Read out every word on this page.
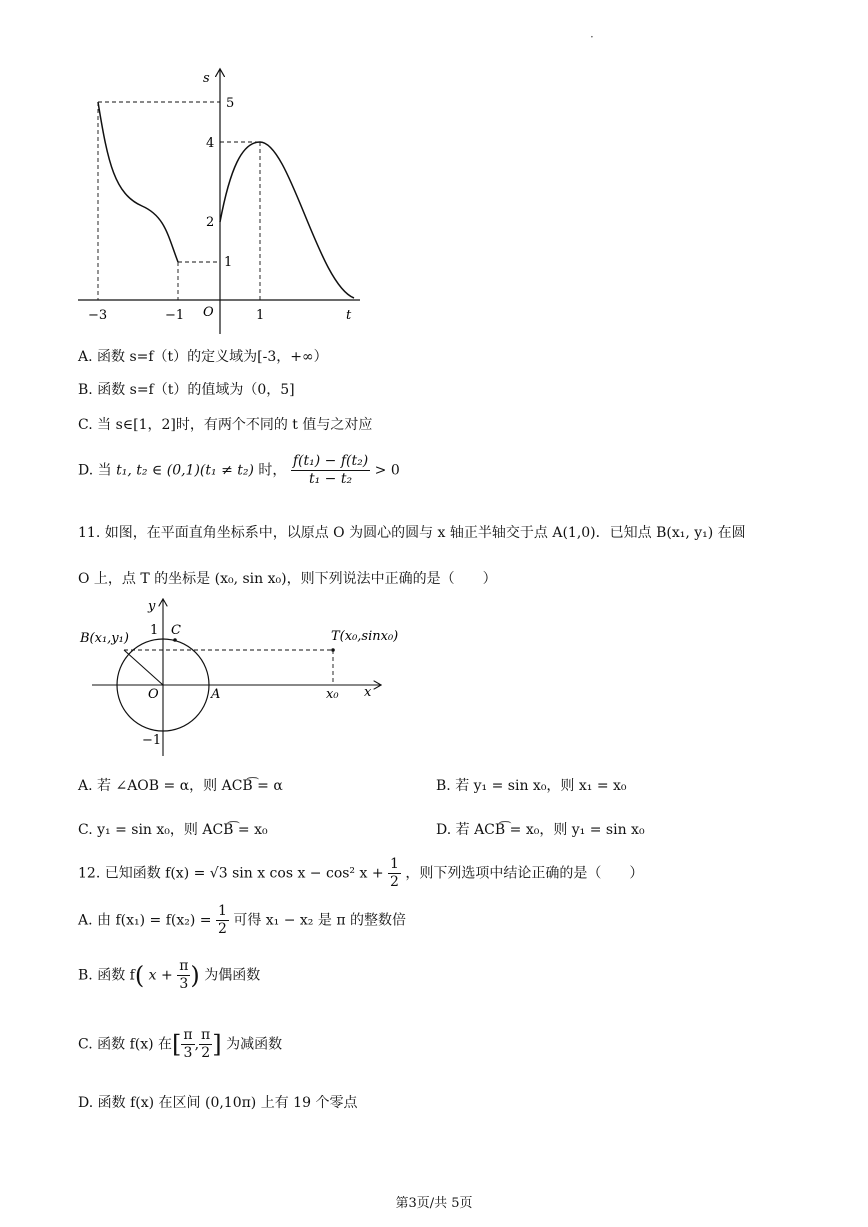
s
t
O
5
4
2
1
−3	−1	1
·
A. 函数 s=f（t）的定义域为[-3，+∞）
B. 函数 s=f（t）的值域为（0，5]
C. 当 s∈[1，2]时，有两个不同的 t 值与之对应
D. 当 t₁, t₂ ∈ (0,1)(t₁ ≠ t₂) 时， $\frac{\text{f(t₁) − f(t₂)}}{\text{t₁ − t₂}} > 0$
11. 如图，在平面直角坐标系中，以原点 O 为圆心的圆与 x 轴正半轴交于点 A(1,0)．已知点 B(x₁, y₁) 在圆
O 上，点 T 的坐标是 (x₀, sin x₀)，则下列说法中正确的是（　　）
y
x
1
−1
C
B(x₁,y₁)	T(x₀,sinx₀)
O	A	x₀
A. 若 ∠AOB = α，则 ACB͡ = α	B. 若 y₁ = sin x₀，则 x₁ = x₀
C. y₁ = sin x₀，则 ACB͡ = x₀	D. 若 ACB͡ = x₀，则 y₁ = sin x₀
12. 已知函数 f(x) = √3 sin x cos x − cos² $x + \frac{1}{2}$ ，则下列选项中结论正确的是（　　）
A. 由 $f(x_1) = f(x_2) = \frac{1}{2}$ 可得 x₁ − x₂ 是 π 的整数倍
B. 函数 f( $x + \frac{\pi}{3}$ ) 为偶函数
C. 函数 f(x) 在[ $\frac{\pi}{3}$ , $\frac{\pi}{2}$ ] 为减函数
D. 函数 f(x) 在区间 (0,10π) 上有 19 个零点
第3页/共 5页
